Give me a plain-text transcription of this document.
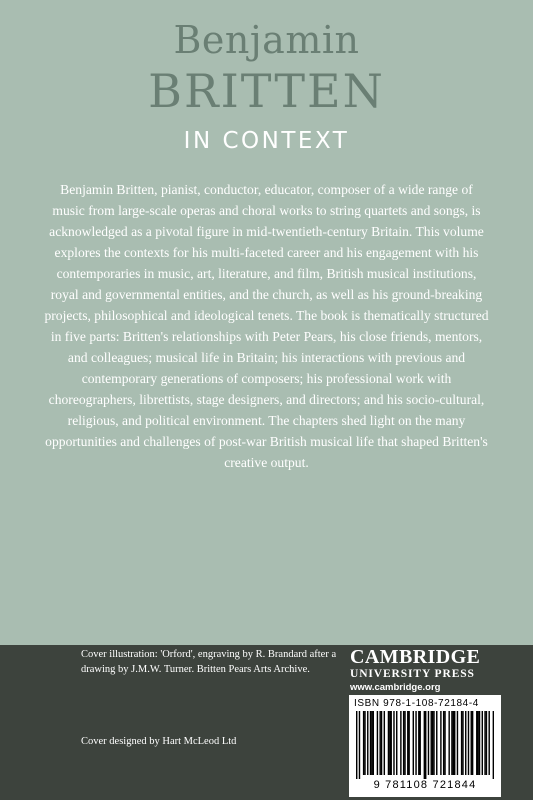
Benjamin
BRITTEN
IN CONTEXT

Benjamin Britten, pianist, conductor, educator, composer of a wide range of music from large-scale operas and choral works to string quartets and songs, is acknowledged as a pivotal figure in mid-twentieth-century Britain. This volume explores the contexts for his multi-faceted career and his engagement with his contemporaries in music, art, literature, and film, British musical institutions, royal and governmental entities, and the church, as well as his ground-breaking projects, philosophical and ideological tenets. The book is thematically structured in five parts: Britten's relationships with Peter Pears, his close friends, mentors, and colleagues; musical life in Britain; his interactions with previous and contemporary generations of composers; his professional work with choreographers, librettists, stage designers, and directors; and his socio-cultural, religious, and political environment. The chapters shed light on the many opportunities and challenges of post-war British musical life that shaped Britten's creative output.

Cover illustration: 'Orford', engraving by R. Brandard after a drawing by J.M.W. Turner. Britten Pears Arts Archive.

Cover designed by Hart McLeod Ltd

CAMBRIDGE
UNIVERSITY PRESS
www.cambridge.org
ISBN 978-1-108-72184-4
9 781108 721844
